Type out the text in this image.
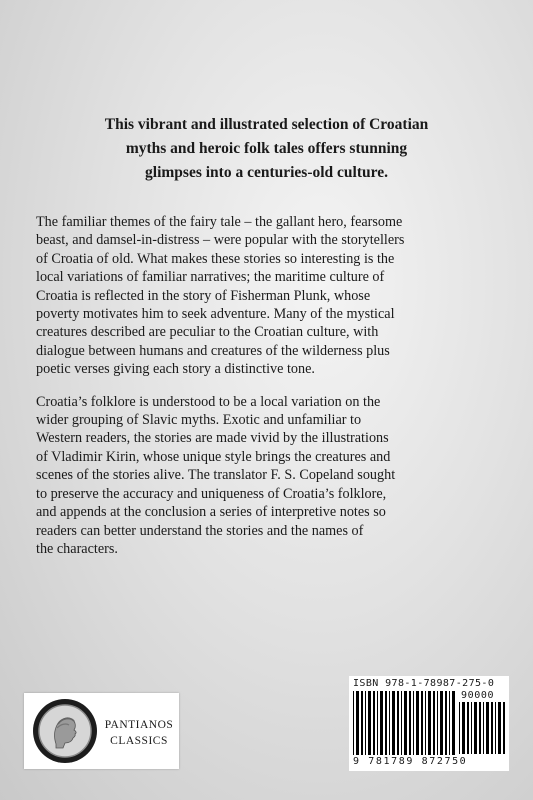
This vibrant and illustrated selection of Croatian
myths and heroic folk tales offers stunning
glimpses into a centuries-old culture.

The familiar themes of the fairy tale – the gallant hero, fearsome
beast, and damsel-in-distress – were popular with the storytellers
of Croatia of old. What makes these stories so interesting is the
local variations of familiar narratives; the maritime culture of
Croatia is reflected in the story of Fisherman Plunk, whose
poverty motivates him to seek adventure. Many of the mystical
creatures described are peculiar to the Croatian culture, with
dialogue between humans and creatures of the wilderness plus
poetic verses giving each story a distinctive tone.

Croatia’s folklore is understood to be a local variation on the
wider grouping of Slavic myths. Exotic and unfamiliar to
Western readers, the stories are made vivid by the illustrations
of Vladimir Kirin, whose unique style brings the creatures and
scenes of the stories alive. The translator F. S. Copeland sought
to preserve the accuracy and uniqueness of Croatia’s folklore,
and appends at the conclusion a series of interpretive notes so
readers can better understand the stories and the names of
the characters.

PANTIANOS
CLASSICS
ISBN 978-1-78987-275-0
90000
9 781789 872750
